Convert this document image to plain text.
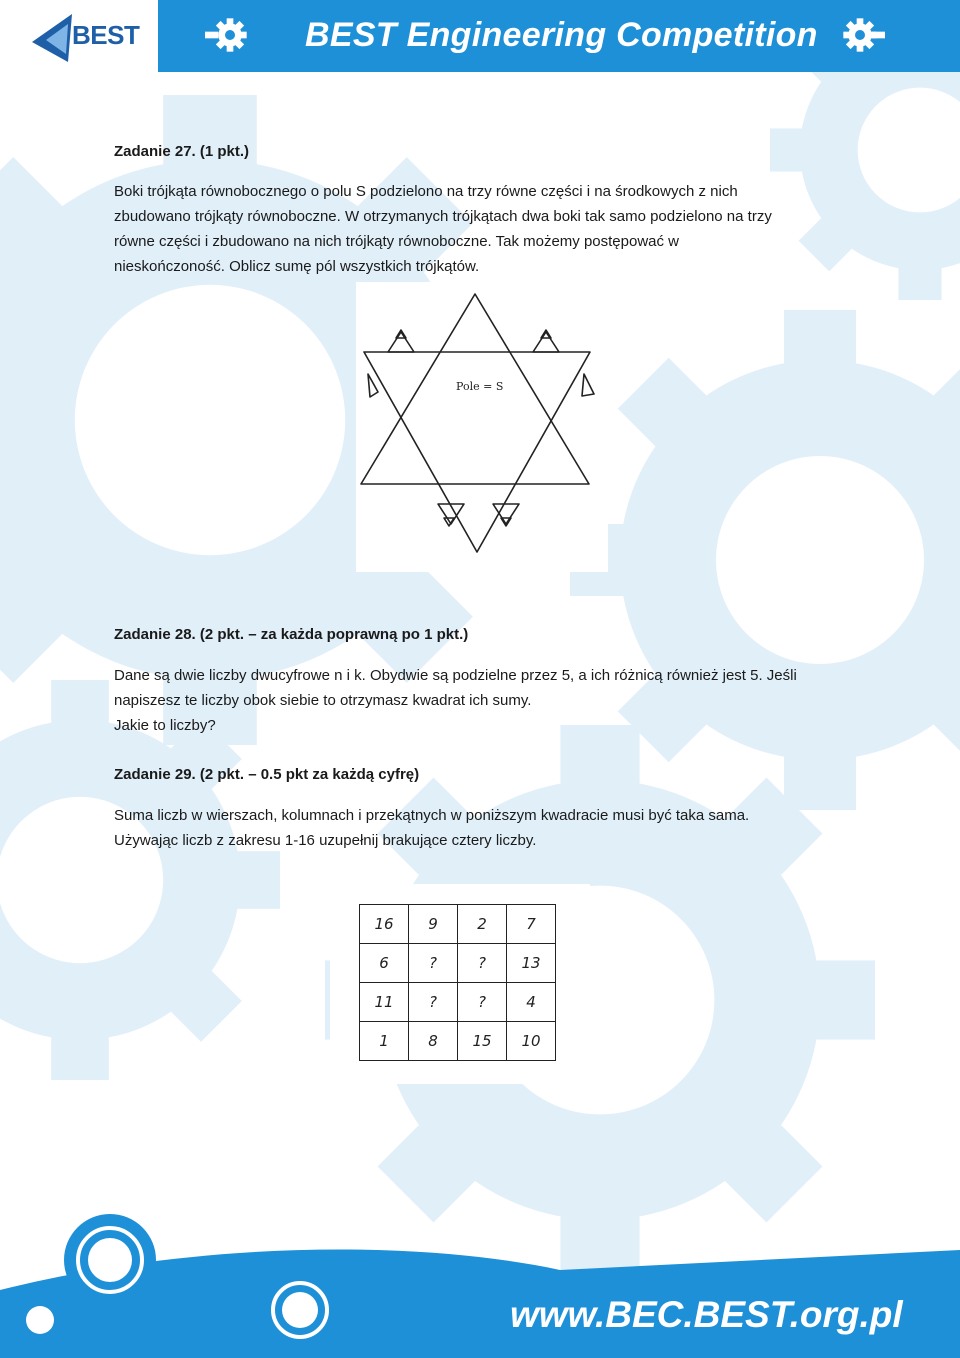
BEST	BEST Engineering Competition
Zadanie 27. (1 pkt.)

Boki trójkąta równobocznego o polu S podzielono na trzy równe części i na środkowych z nich

zbudowano trójkąty równoboczne. W otrzymanych trójkątach dwa boki tak samo podzielono na trzy

równe części i zbudowano na nich trójkąty równoboczne. Tak możemy postępować w

nieskończoność. Oblicz sumę pól wszystkich trójkątów.

Pole = S
Zadanie 28. (2 pkt. – za każda poprawną po 1 pkt.)

Dane są dwie liczby dwucyfrowe n i k. Obydwie są podzielne przez 5, a ich różnicą również jest 5. Jeśli

napiszesz te liczby obok siebie to otrzymasz kwadrat ich sumy.

Jakie to liczby?

Zadanie 29. (2 pkt. – 0.5 pkt za każdą cyfrę)

Suma liczb w wierszach, kolumnach i przekątnych w poniższym kwadracie musi być taka sama.

Używając liczb z zakresu 1-16 uzupełnij brakujące cztery liczby.

16	9	2	7
6	?	?	13
11	?	?	4
1	8	15	10
www.BEC.BEST.org.pl
